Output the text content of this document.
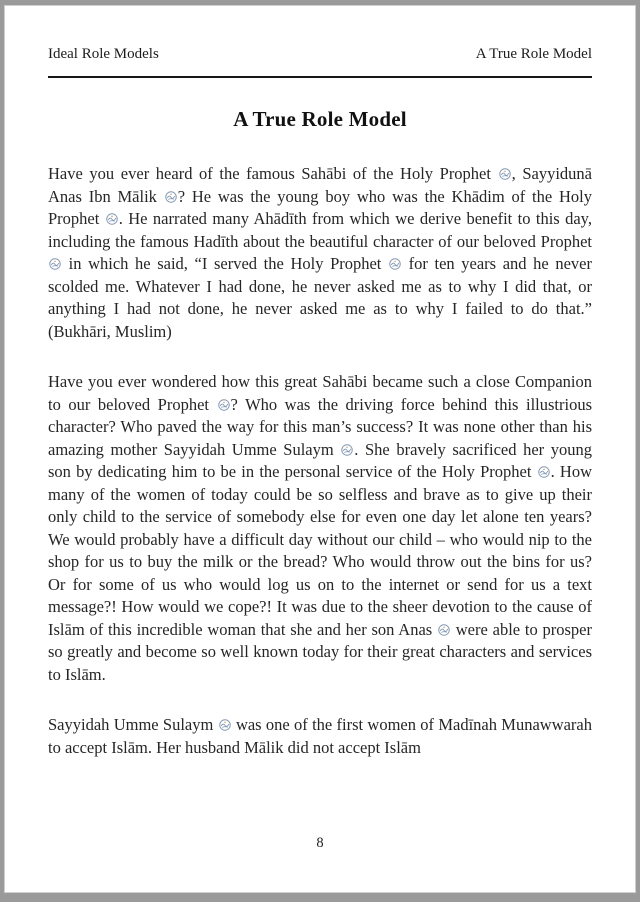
Ideal Role Models	A True Role Model
A True Role Model

Have you ever heard of the famous Sahābi of the Holy Prophet , Sayyidunā Anas Ibn Mālik ? He was the young boy who was the Khādim of the Holy Prophet . He narrated many Ahādīth from which we derive benefit to this day, including the famous Hadīth about the beautiful character of our beloved Prophet  in which he said, “I served the Holy Prophet  for ten years and he never scolded me. Whatever I had done, he never asked me as to why I did that, or anything I had not done, he never asked me as to why I failed to do that.” (Bukhāri, Muslim)

Have you ever wondered how this great Sahābi became such a close Companion to our beloved Prophet ? Who was the driving force behind this illustrious character? Who paved the way for this man’s success? It was none other than his amazing mother Sayyidah Umme Sulaym . She bravely sacrificed her young son by dedicating him to be in the personal service of the Holy Prophet . How many of the women of today could be so selfless and brave as to give up their only child to the service of somebody else for even one day let alone ten years? We would probably have a difficult day without our child – who would nip to the shop for us to buy the milk or the bread? Who would throw out the bins for us? Or for some of us who would log us on to the internet or send for us a text message?! How would we cope?! It was due to the sheer devotion to the cause of Islām of this incredible woman that she and her son Anas  were able to prosper so greatly and become so well known today for their great characters and services to Islām.

Sayyidah Umme Sulaym  was one of the first women of Madīnah Munawwarah to accept Islām. Her husband Mālik did not accept Islām

8
